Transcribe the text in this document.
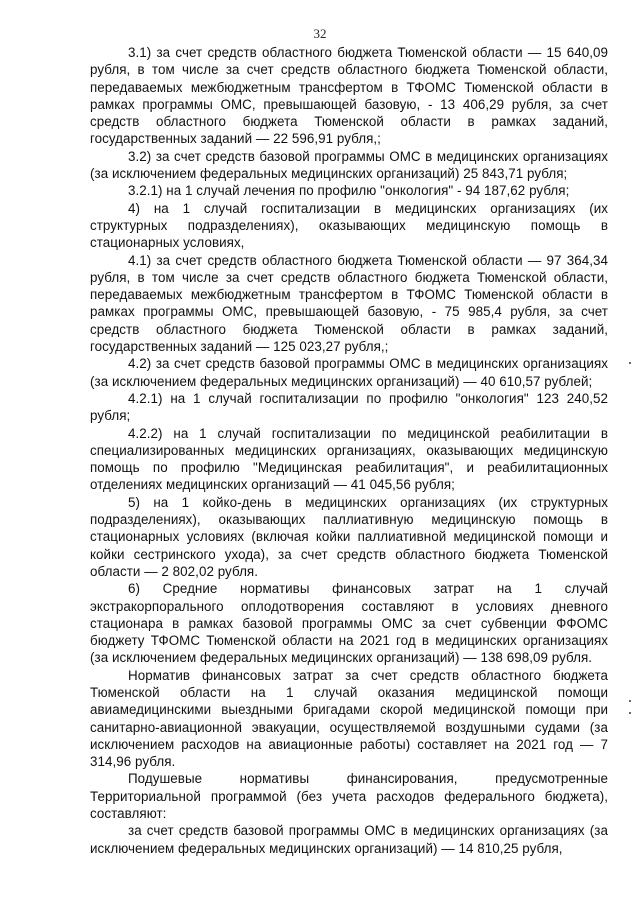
32

3.1) за счет средств областного бюджета Тюменской области — 15 640,09 рубля, в том числе за счет средств областного бюджета Тюменской области, передаваемых межбюджетным трансфертом в ТФОМС Тюменской области в рамках программы ОМС, превышающей базовую, - 13 406,29 рубля, за счет средств областного бюджета Тюменской области в рамках заданий, государственных заданий — 22 596,91 рубля,;

3.2) за счет средств базовой программы ОМС в медицинских организациях (за исключением федеральных медицинских организаций) 25 843,71 рубля;

3.2.1) на 1 случай лечения по профилю "онкология" - 94 187,62 рубля;

4) на 1 случай госпитализации в медицинских организациях (их структурных подразделениях), оказывающих медицинскую помощь в стационарных условиях,

4.1) за счет средств областного бюджета Тюменской области — 97 364,34 рубля, в том числе за счет средств областного бюджета Тюменской области, передаваемых межбюджетным трансфертом в ТФОМС Тюменской области в рамках программы ОМС, превышающей базовую, - 75 985,4 рубля, за счет средств областного бюджета Тюменской области в рамках заданий, государственных заданий — 125 023,27 рубля,;

4.2) за счет средств базовой программы ОМС в медицинских организациях (за исключением федеральных медицинских организаций) — 40 610,57 рублей;

4.2.1) на 1 случай госпитализации по профилю "онкология" 123 240,52 рубля;

4.2.2) на 1 случай госпитализации по медицинской реабилитации в специализированных медицинских организациях, оказывающих медицинскую помощь по профилю "Медицинская реабилитация", и реабилитационных отделениях медицинских организаций — 41 045,56 рубля;

5) на 1 койко-день в медицинских организациях (их структурных подразделениях), оказывающих паллиативную медицинскую помощь в стационарных условиях (включая койки паллиативной медицинской помощи и койки сестринского ухода), за счет средств областного бюджета Тюменской области — 2 802,02 рубля.

6) Средние нормативы финансовых затрат на 1 случай экстракорпорального оплодотворения составляют в условиях дневного стационара в рамках базовой программы ОМС за счет субвенции ФФОМС бюджету ТФОМС Тюменской области на 2021 год в медицинских организациях (за исключением федеральных медицинских организаций) — 138 698,09 рубля.

Норматив финансовых затрат за счет средств областного бюджета Тюменской области на 1 случай оказания медицинской помощи авиамедицинскими выездными бригадами скорой медицинской помощи при санитарно-авиационной эвакуации, осуществляемой воздушными судами (за исключением расходов на авиационные работы) составляет на 2021 год — 7 314,96 рубля.

Подушевые нормативы финансирования, предусмотренные Территориальной программой (без учета расходов федерального бюджета), составляют:

за счет средств базовой программы ОМС в медицинских организациях (за исключением федеральных медицинских организаций) — 14 810,25 рубля,
